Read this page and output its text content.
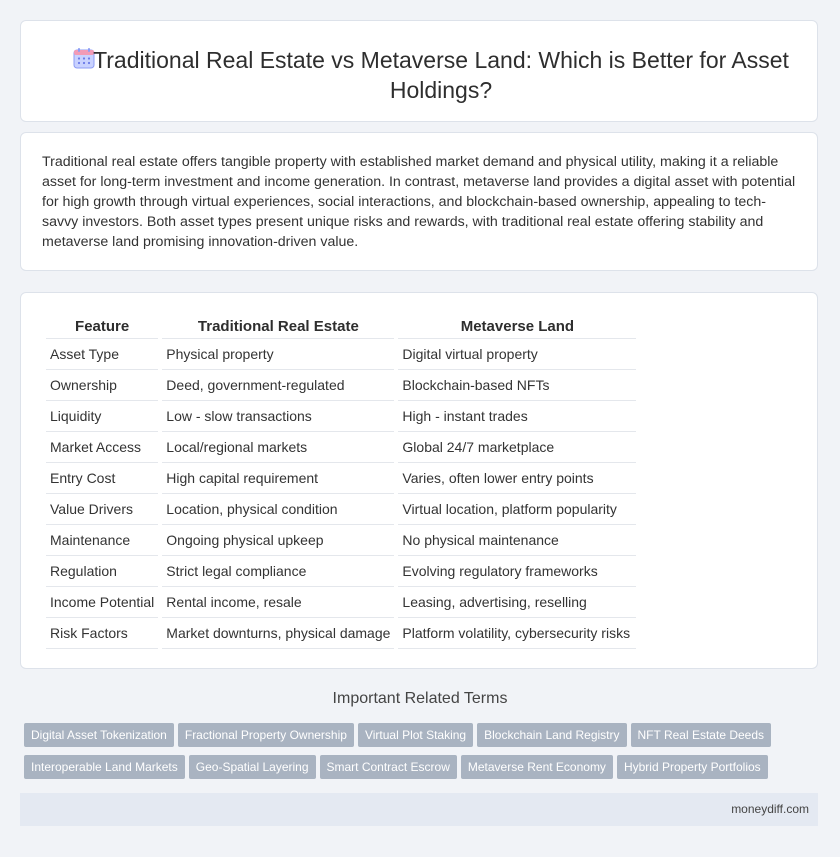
Traditional Real Estate vs Metaverse Land: Which is Better for Asset Holdings?

Traditional real estate offers tangible property with established market demand and physical utility, making it a reliable asset for long-term investment and income generation. In contrast, metaverse land provides a digital asset with potential for high growth through virtual experiences, social interactions, and blockchain-based ownership, appealing to tech-savvy investors. Both asset types present unique risks and rewards, with traditional real estate offering stability and metaverse land promising innovation-driven value.

Feature	Traditional Real Estate	Metaverse Land
Asset Type	Physical property	Digital virtual property
Ownership	Deed, government-regulated	Blockchain-based NFTs
Liquidity	Low - slow transactions	High - instant trades
Market Access	Local/regional markets	Global 24/7 marketplace
Entry Cost	High capital requirement	Varies, often lower entry points
Value Drivers	Location, physical condition	Virtual location, platform popularity
Maintenance	Ongoing physical upkeep	No physical maintenance
Regulation	Strict legal compliance	Evolving regulatory frameworks
Income Potential	Rental income, resale	Leasing, advertising, reselling
Risk Factors	Market downturns, physical damage	Platform volatility, cybersecurity risks
Important Related Terms
Digital Asset Tokenization Fractional Property Ownership Virtual Plot Staking Blockchain Land Registry NFT Real Estate Deeds
Interoperable Land Markets Geo-Spatial Layering Smart Contract Escrow Metaverse Rent Economy Hybrid Property Portfolios
moneydiff.com
